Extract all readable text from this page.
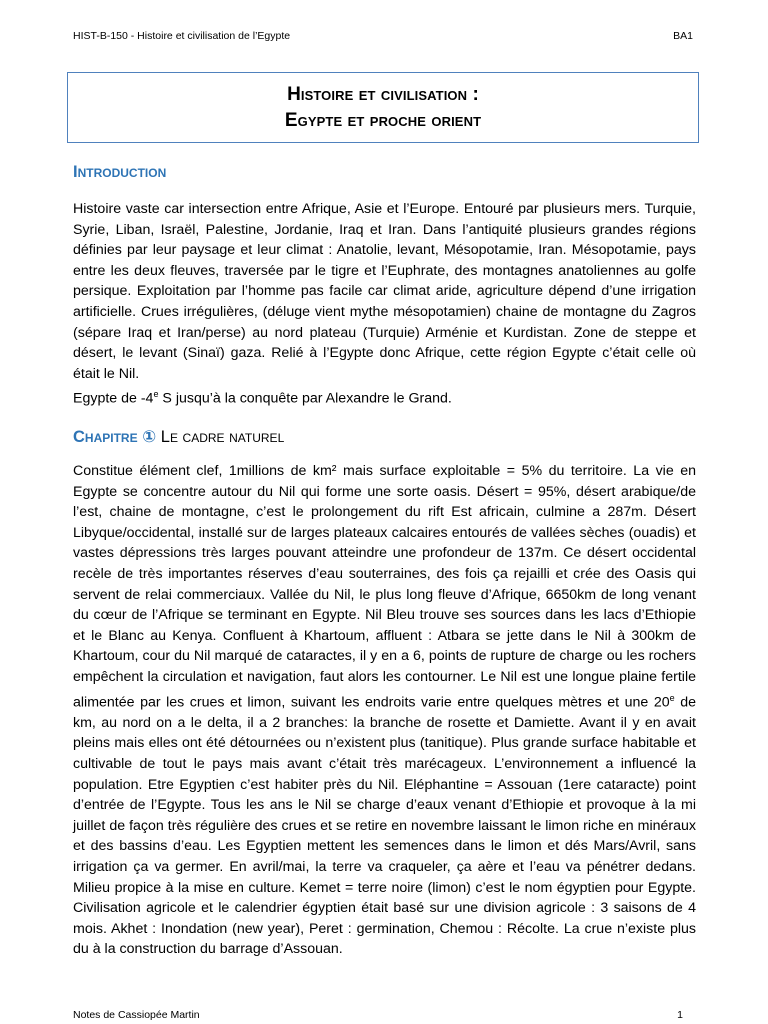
HIST-B-150 - Histoire et civilisation de l’Egypte	BA1
Histoire et civilisation :
Egypte et proche orient
Introduction
Histoire vaste car intersection entre Afrique, Asie et l’Europe. Entouré par plusieurs mers. Turquie, Syrie, Liban, Israël, Palestine, Jordanie, Iraq et Iran. Dans l’antiquité plusieurs grandes régions définies par leur paysage et leur climat : Anatolie, levant, Mésopotamie, Iran. Mésopotamie, pays entre les deux fleuves, traversée par le tigre et l’Euphrate, des montagnes anatoliennes au golfe persique. Exploitation par l’homme pas facile car climat aride, agriculture dépend d’une irrigation artificielle. Crues irrégulières, (déluge vient mythe mésopotamien) chaine de montagne du Zagros (sépare Iraq et Iran/perse) au nord plateau (Turquie) Arménie et Kurdistan. Zone de steppe et désert, le levant (Sinaï) gaza. Relié à l’Egypte donc Afrique, cette région Egypte c’était celle où était le Nil.
Egypte de -4e S jusqu’à la conquête par Alexandre le Grand.
Chapitre ① Le cadre naturel
Constitue élément clef, 1millions de km² mais surface exploitable = 5% du territoire. La vie en Egypte se concentre autour du Nil qui forme une sorte oasis. Désert = 95%, désert arabique/de l’est, chaine de montagne, c’est le prolongement du rift Est africain, culmine a 287m. Désert Libyque/occidental, installé sur de larges plateaux calcaires entourés de vallées sèches (ouadis) et vastes dépressions très larges pouvant atteindre une profondeur de 137m. Ce désert occidental recèle de très importantes réserves d’eau souterraines, des fois ça rejailli et crée des Oasis qui servent de relai commerciaux. Vallée du Nil, le plus long fleuve d’Afrique, 6650km de long venant du cœur de l’Afrique se terminant en Egypte. Nil Bleu trouve ses sources dans les lacs d’Ethiopie et le Blanc au Kenya. Confluent à Khartoum, affluent : Atbara se jette dans le Nil à 300km de Khartoum, cour du Nil marqué de cataractes, il y en a 6, points de rupture de charge ou les rochers empêchent la circulation et navigation, faut alors les contourner. Le Nil est une longue plaine fertile alimentée par les crues et limon, suivant les endroits varie entre quelques mètres et une 20e de km, au nord on a le delta, il a 2 branches: la branche de rosette et Damiette. Avant il y en avait pleins mais elles ont été détournées ou n’existent plus (tanitique). Plus grande surface habitable et cultivable de tout le pays mais avant c’était très marécageux. L’environnement a influencé la population. Etre Egyptien c’est habiter près du Nil. Eléphantine = Assouan (1ere cataracte) point d’entrée de l’Egypte. Tous les ans le Nil se charge d’eaux venant d’Ethiopie et provoque à la mi juillet de façon très régulière des crues et se retire en novembre laissant le limon riche en minéraux et des bassins d’eau. Les Egyptien mettent les semences dans le limon et dés Mars/Avril, sans irrigation ça va germer. En avril/mai, la terre va craqueler, ça aère et l’eau va pénétrer dedans. Milieu propice à la mise en culture. Kemet = terre noire (limon) c’est le nom égyptien pour Egypte. Civilisation agricole et le calendrier égyptien était basé sur une division agricole : 3 saisons de 4 mois. Akhet : Inondation (new year), Peret : germination, Chemou : Récolte. La crue n’existe plus du à la construction du barrage d’Assouan.
Notes de Cassiopée Martin	1
